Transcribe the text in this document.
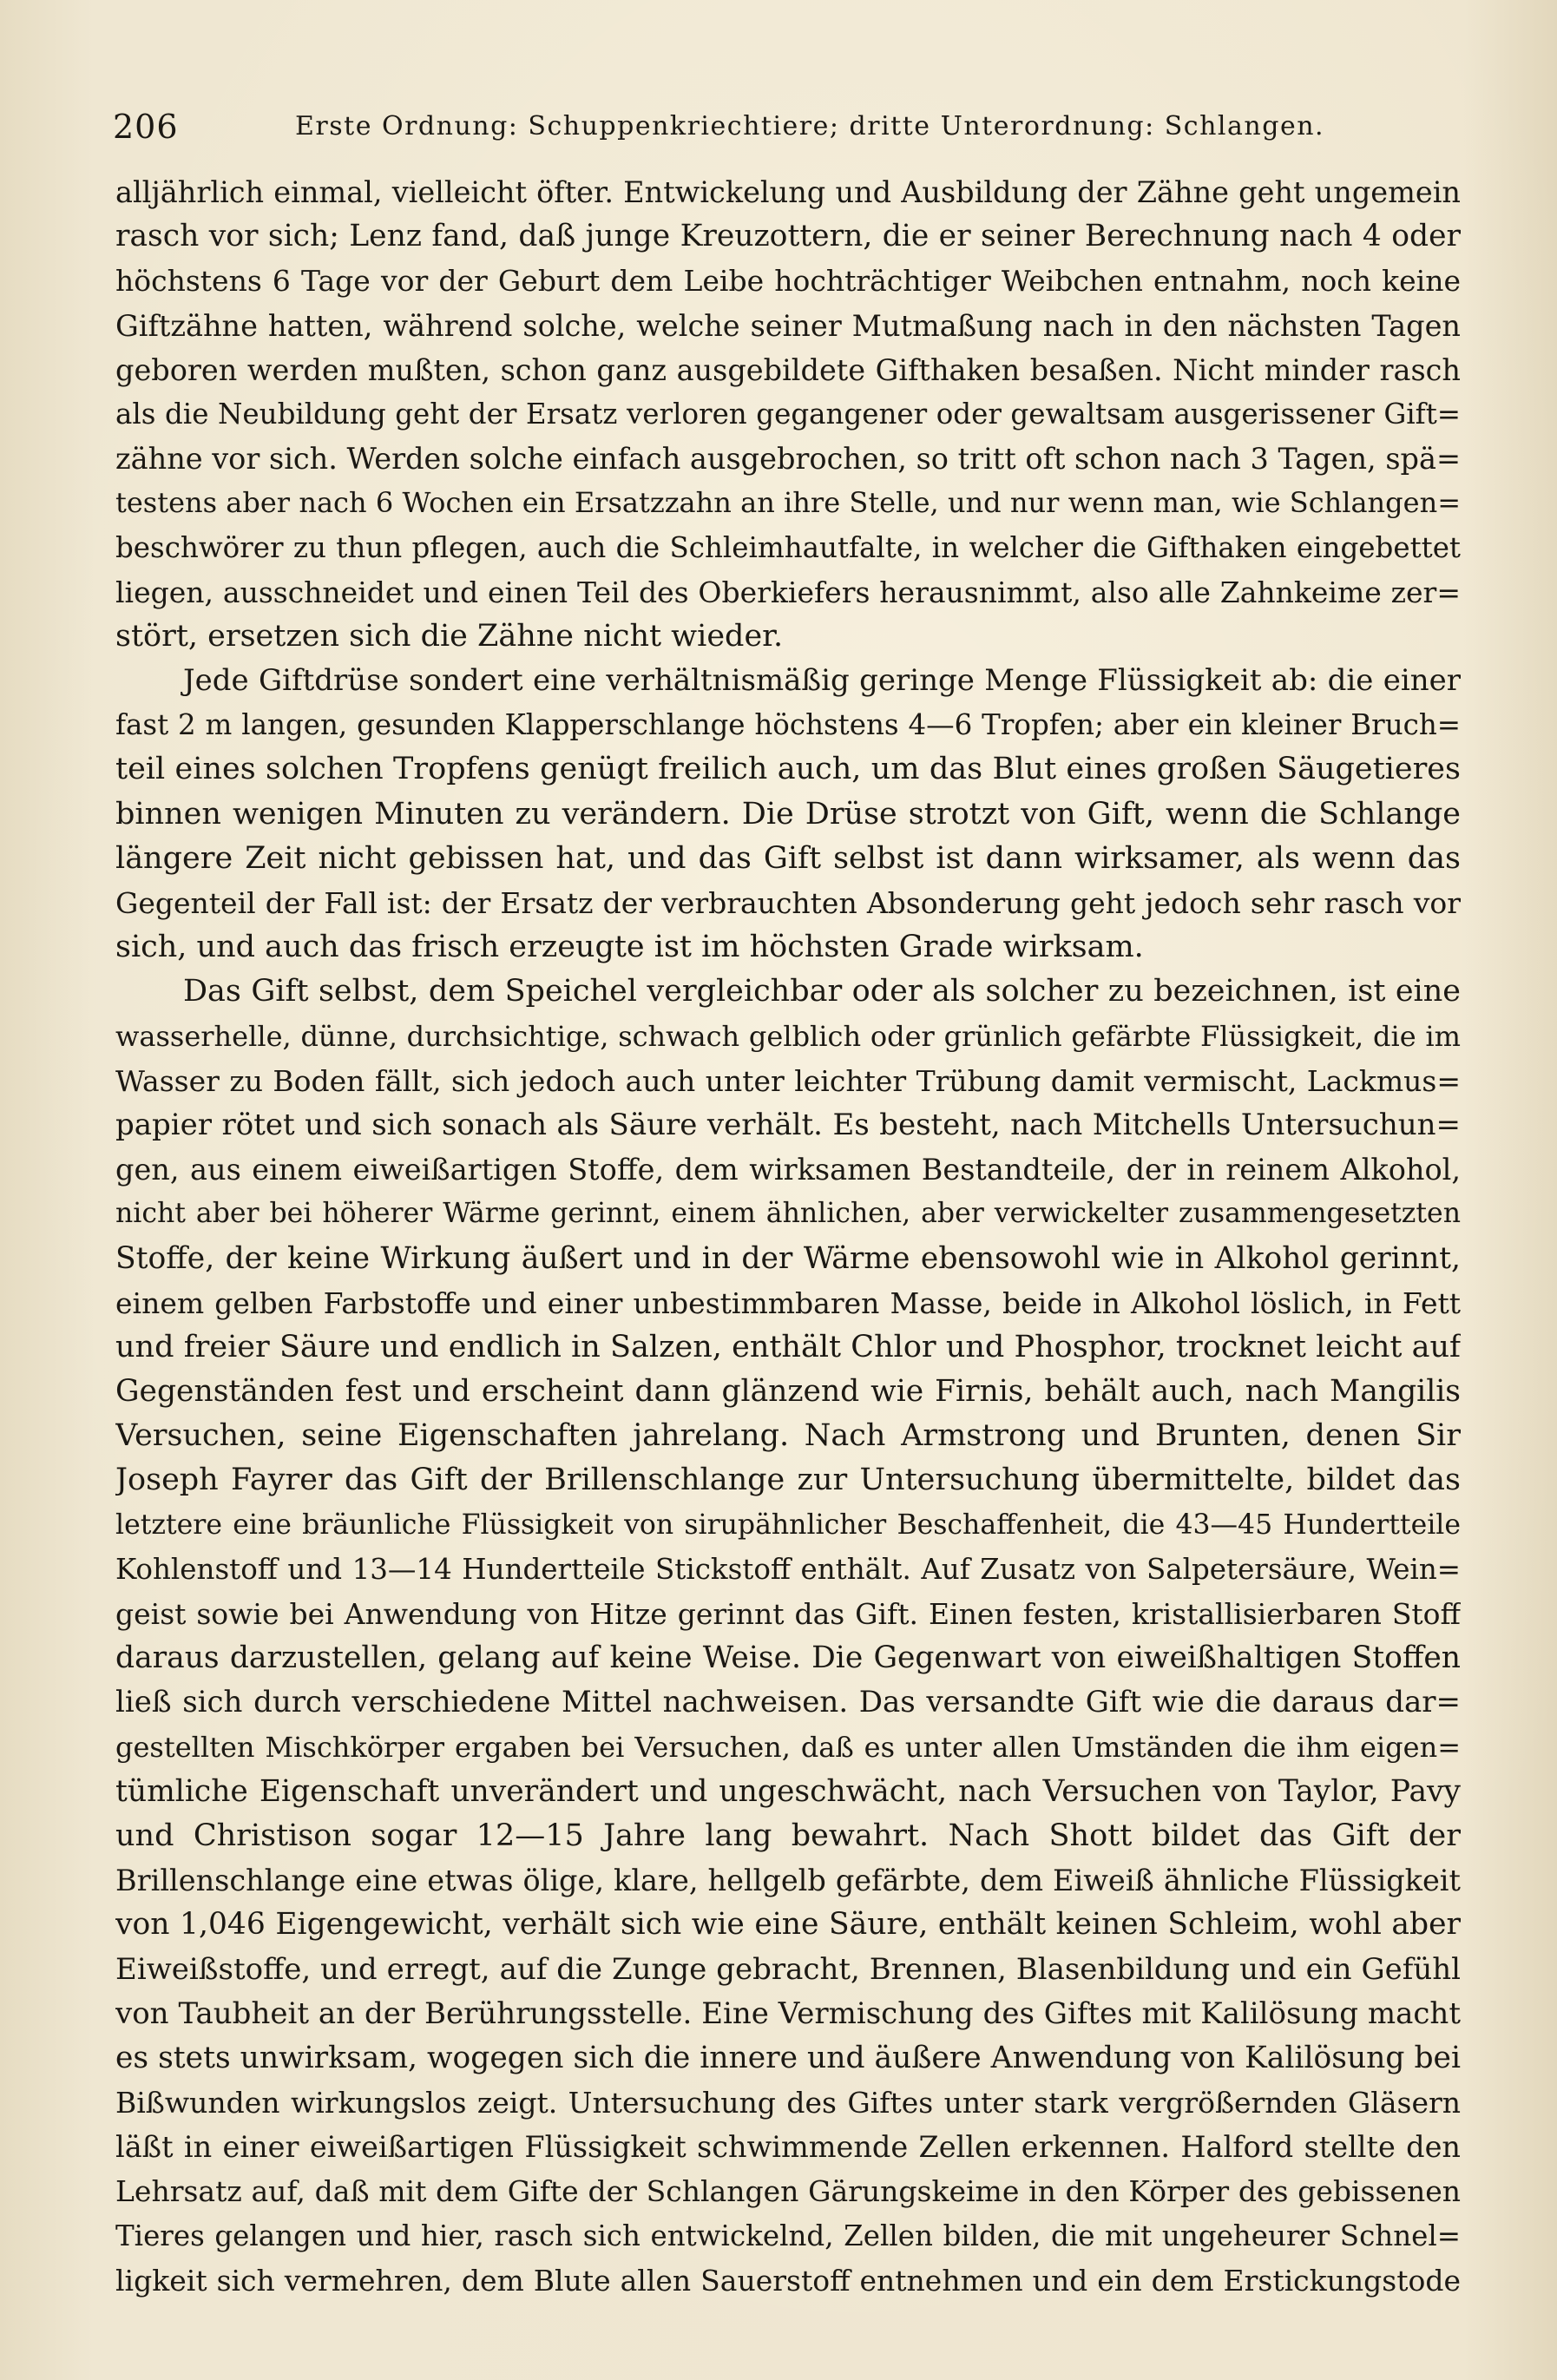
206	Erste Ordnung: Schuppenkriechtiere; dritte Unterordnung: Schlangen.
alljährlich einmal, vielleicht öfter. Entwickelung und Ausbildung der Zähne geht ungemein
rasch vor sich; Lenz fand, daß junge Kreuzottern, die er seiner Berechnung nach 4 oder
höchstens 6 Tage vor der Geburt dem Leibe hochträchtiger Weibchen entnahm, noch keine
Giftzähne hatten, während solche, welche seiner Mutmaßung nach in den nächsten Tagen
geboren werden mußten, schon ganz ausgebildete Gifthaken besaßen. Nicht minder rasch
als die Neubildung geht der Ersatz verloren gegangener oder gewaltsam ausgerissener Gift=
zähne vor sich. Werden solche einfach ausgebrochen, so tritt oft schon nach 3 Tagen, spä=
testens aber nach 6 Wochen ein Ersatzzahn an ihre Stelle, und nur wenn man, wie Schlangen=
beschwörer zu thun pflegen, auch die Schleimhautfalte, in welcher die Gifthaken eingebettet
liegen, ausschneidet und einen Teil des Oberkiefers herausnimmt, also alle Zahnkeime zer=
stört, ersetzen sich die Zähne nicht wieder.
Jede Giftdrüse sondert eine verhältnismäßig geringe Menge Flüssigkeit ab: die einer
fast 2 m langen, gesunden Klapperschlange höchstens 4—6 Tropfen; aber ein kleiner Bruch=
teil eines solchen Tropfens genügt freilich auch, um das Blut eines großen Säugetieres
binnen wenigen Minuten zu verändern. Die Drüse strotzt von Gift, wenn die Schlange
längere Zeit nicht gebissen hat, und das Gift selbst ist dann wirksamer, als wenn das
Gegenteil der Fall ist: der Ersatz der verbrauchten Absonderung geht jedoch sehr rasch vor
sich, und auch das frisch erzeugte ist im höchsten Grade wirksam.
Das Gift selbst, dem Speichel vergleichbar oder als solcher zu bezeichnen, ist eine
wasserhelle, dünne, durchsichtige, schwach gelblich oder grünlich gefärbte Flüssigkeit, die im
Wasser zu Boden fällt, sich jedoch auch unter leichter Trübung damit vermischt, Lackmus=
papier rötet und sich sonach als Säure verhält. Es besteht, nach Mitchells Untersuchun=
gen, aus einem eiweißartigen Stoffe, dem wirksamen Bestandteile, der in reinem Alkohol,
nicht aber bei höherer Wärme gerinnt, einem ähnlichen, aber verwickelter zusammengesetzten
Stoffe, der keine Wirkung äußert und in der Wärme ebensowohl wie in Alkohol gerinnt,
einem gelben Farbstoffe und einer unbestimmbaren Masse, beide in Alkohol löslich, in Fett
und freier Säure und endlich in Salzen, enthält Chlor und Phosphor, trocknet leicht auf
Gegenständen fest und erscheint dann glänzend wie Firnis, behält auch, nach Mangilis
Versuchen, seine Eigenschaften jahrelang. Nach Armstrong und Brunten, denen Sir
Joseph Fayrer das Gift der Brillenschlange zur Untersuchung übermittelte, bildet das
letztere eine bräunliche Flüssigkeit von sirupähnlicher Beschaffenheit, die 43—45 Hundertteile
Kohlenstoff und 13—14 Hundertteile Stickstoff enthält. Auf Zusatz von Salpetersäure, Wein=
geist sowie bei Anwendung von Hitze gerinnt das Gift. Einen festen, kristallisierbaren Stoff
daraus darzustellen, gelang auf keine Weise. Die Gegenwart von eiweißhaltigen Stoffen
ließ sich durch verschiedene Mittel nachweisen. Das versandte Gift wie die daraus dar=
gestellten Mischkörper ergaben bei Versuchen, daß es unter allen Umständen die ihm eigen=
tümliche Eigenschaft unverändert und ungeschwächt, nach Versuchen von Taylor, Pavy
und Christison sogar 12—15 Jahre lang bewahrt. Nach Shott bildet das Gift der
Brillenschlange eine etwas ölige, klare, hellgelb gefärbte, dem Eiweiß ähnliche Flüssigkeit
von 1,046 Eigengewicht, verhält sich wie eine Säure, enthält keinen Schleim, wohl aber
Eiweißstoffe, und erregt, auf die Zunge gebracht, Brennen, Blasenbildung und ein Gefühl
von Taubheit an der Berührungsstelle. Eine Vermischung des Giftes mit Kalilösung macht
es stets unwirksam, wogegen sich die innere und äußere Anwendung von Kalilösung bei
Bißwunden wirkungslos zeigt. Untersuchung des Giftes unter stark vergrößernden Gläsern
läßt in einer eiweißartigen Flüssigkeit schwimmende Zellen erkennen. Halford stellte den
Lehrsatz auf, daß mit dem Gifte der Schlangen Gärungskeime in den Körper des gebissenen
Tieres gelangen und hier, rasch sich entwickelnd, Zellen bilden, die mit ungeheurer Schnel=
ligkeit sich vermehren, dem Blute allen Sauerstoff entnehmen und ein dem Erstickungstode
